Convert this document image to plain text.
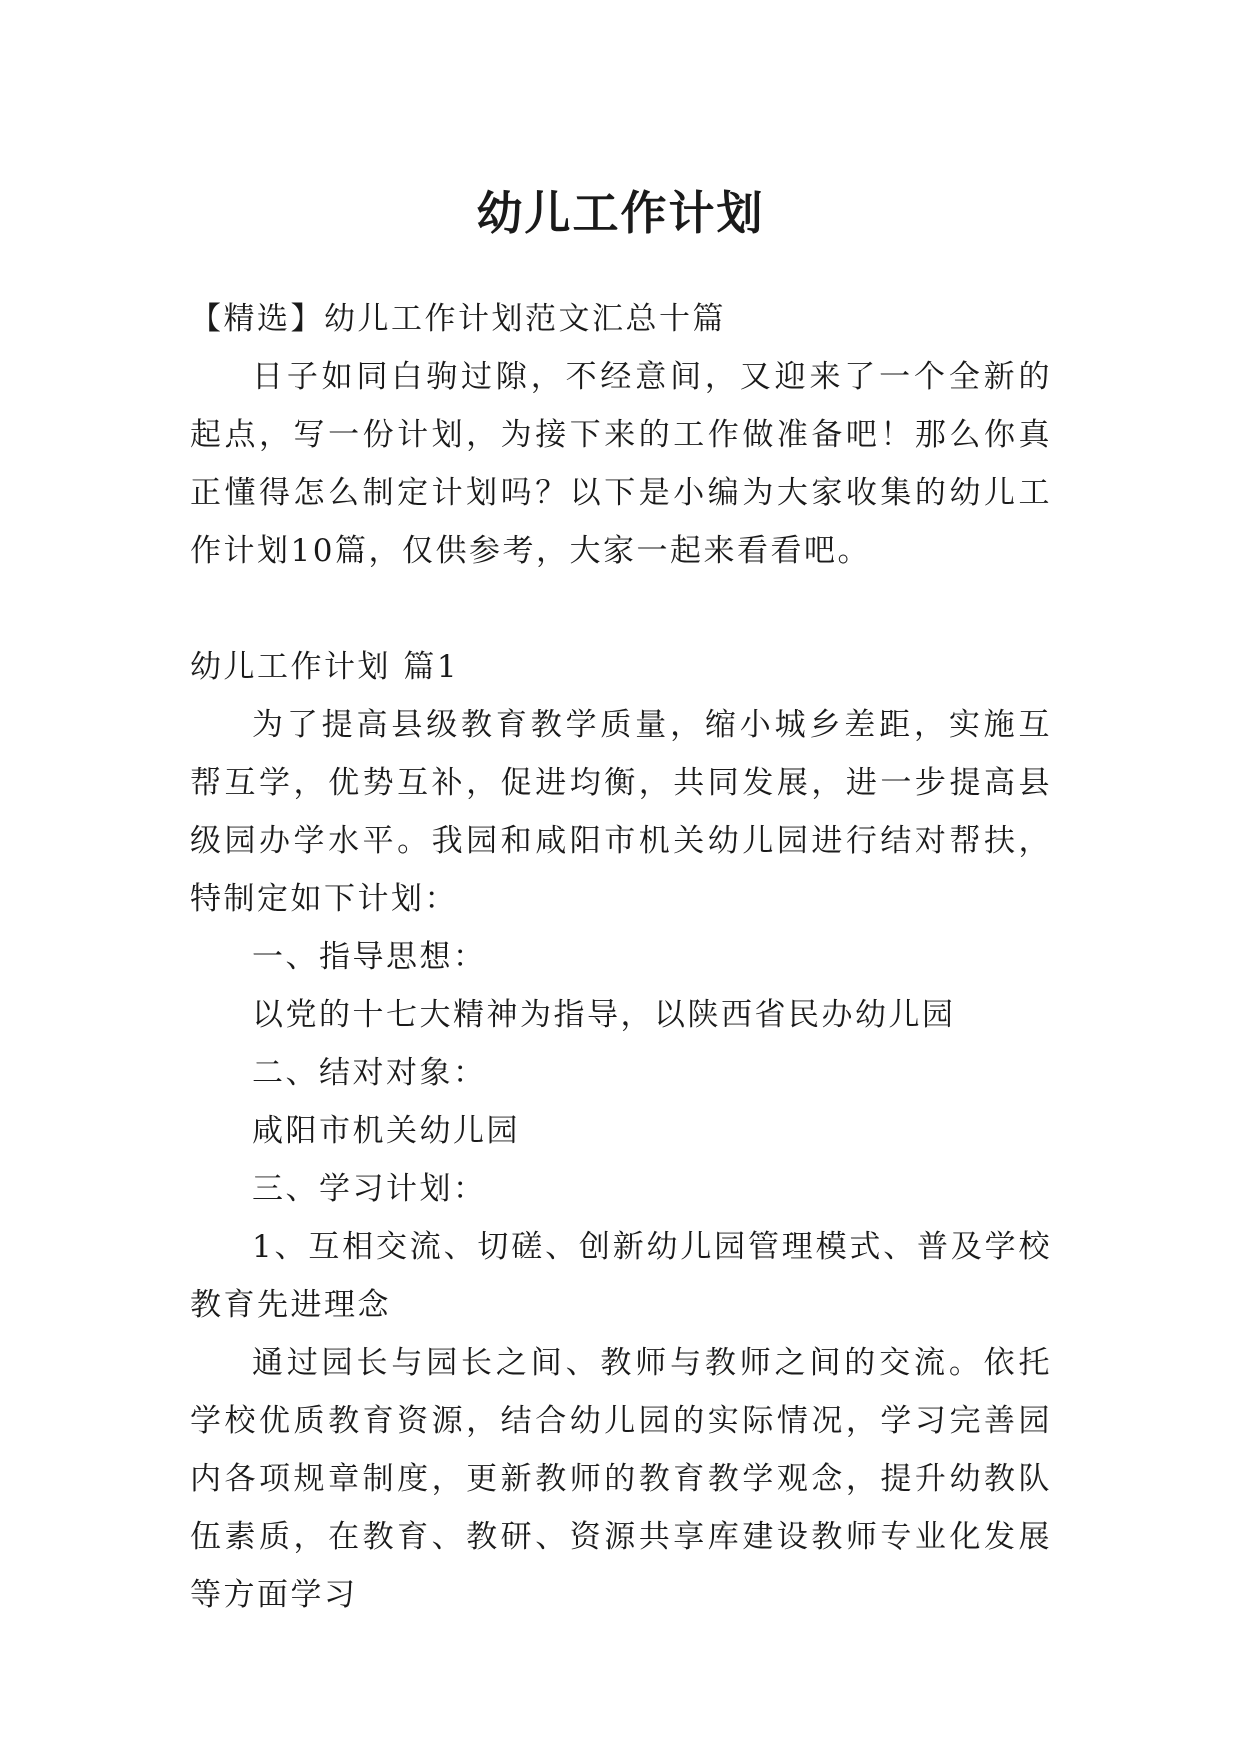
幼儿工作计划

【精选】幼儿工作计划范文汇总十篇

日子如同白驹过隙，不经意间，又迎来了一个全新的起点，写一份计划，为接下来的工作做准备吧！那么你真正懂得怎么制定计划吗？以下是小编为大家收集的幼儿工作计划10篇，仅供参考，大家一起来看看吧。

幼儿工作计划 篇1

为了提高县级教育教学质量，缩小城乡差距，实施互帮互学，优势互补，促进均衡，共同发展，进一步提高县级园办学水平。我园和咸阳市机关幼儿园进行结对帮扶，特制定如下计划：

一、指导思想：

以党的十七大精神为指导，以陕西省民办幼儿园

二、结对对象：

咸阳市机关幼儿园

三、学习计划：

1、互相交流、切磋、创新幼儿园管理模式、普及学校教育先进理念

通过园长与园长之间、教师与教师之间的交流。依托学校优质教育资源，结合幼儿园的实际情况，学习完善园内各项规章制度，更新教师的教育教学观念，提升幼教队伍素质，在教育、教研、资源共享库建设教师专业化发展等方面学习
